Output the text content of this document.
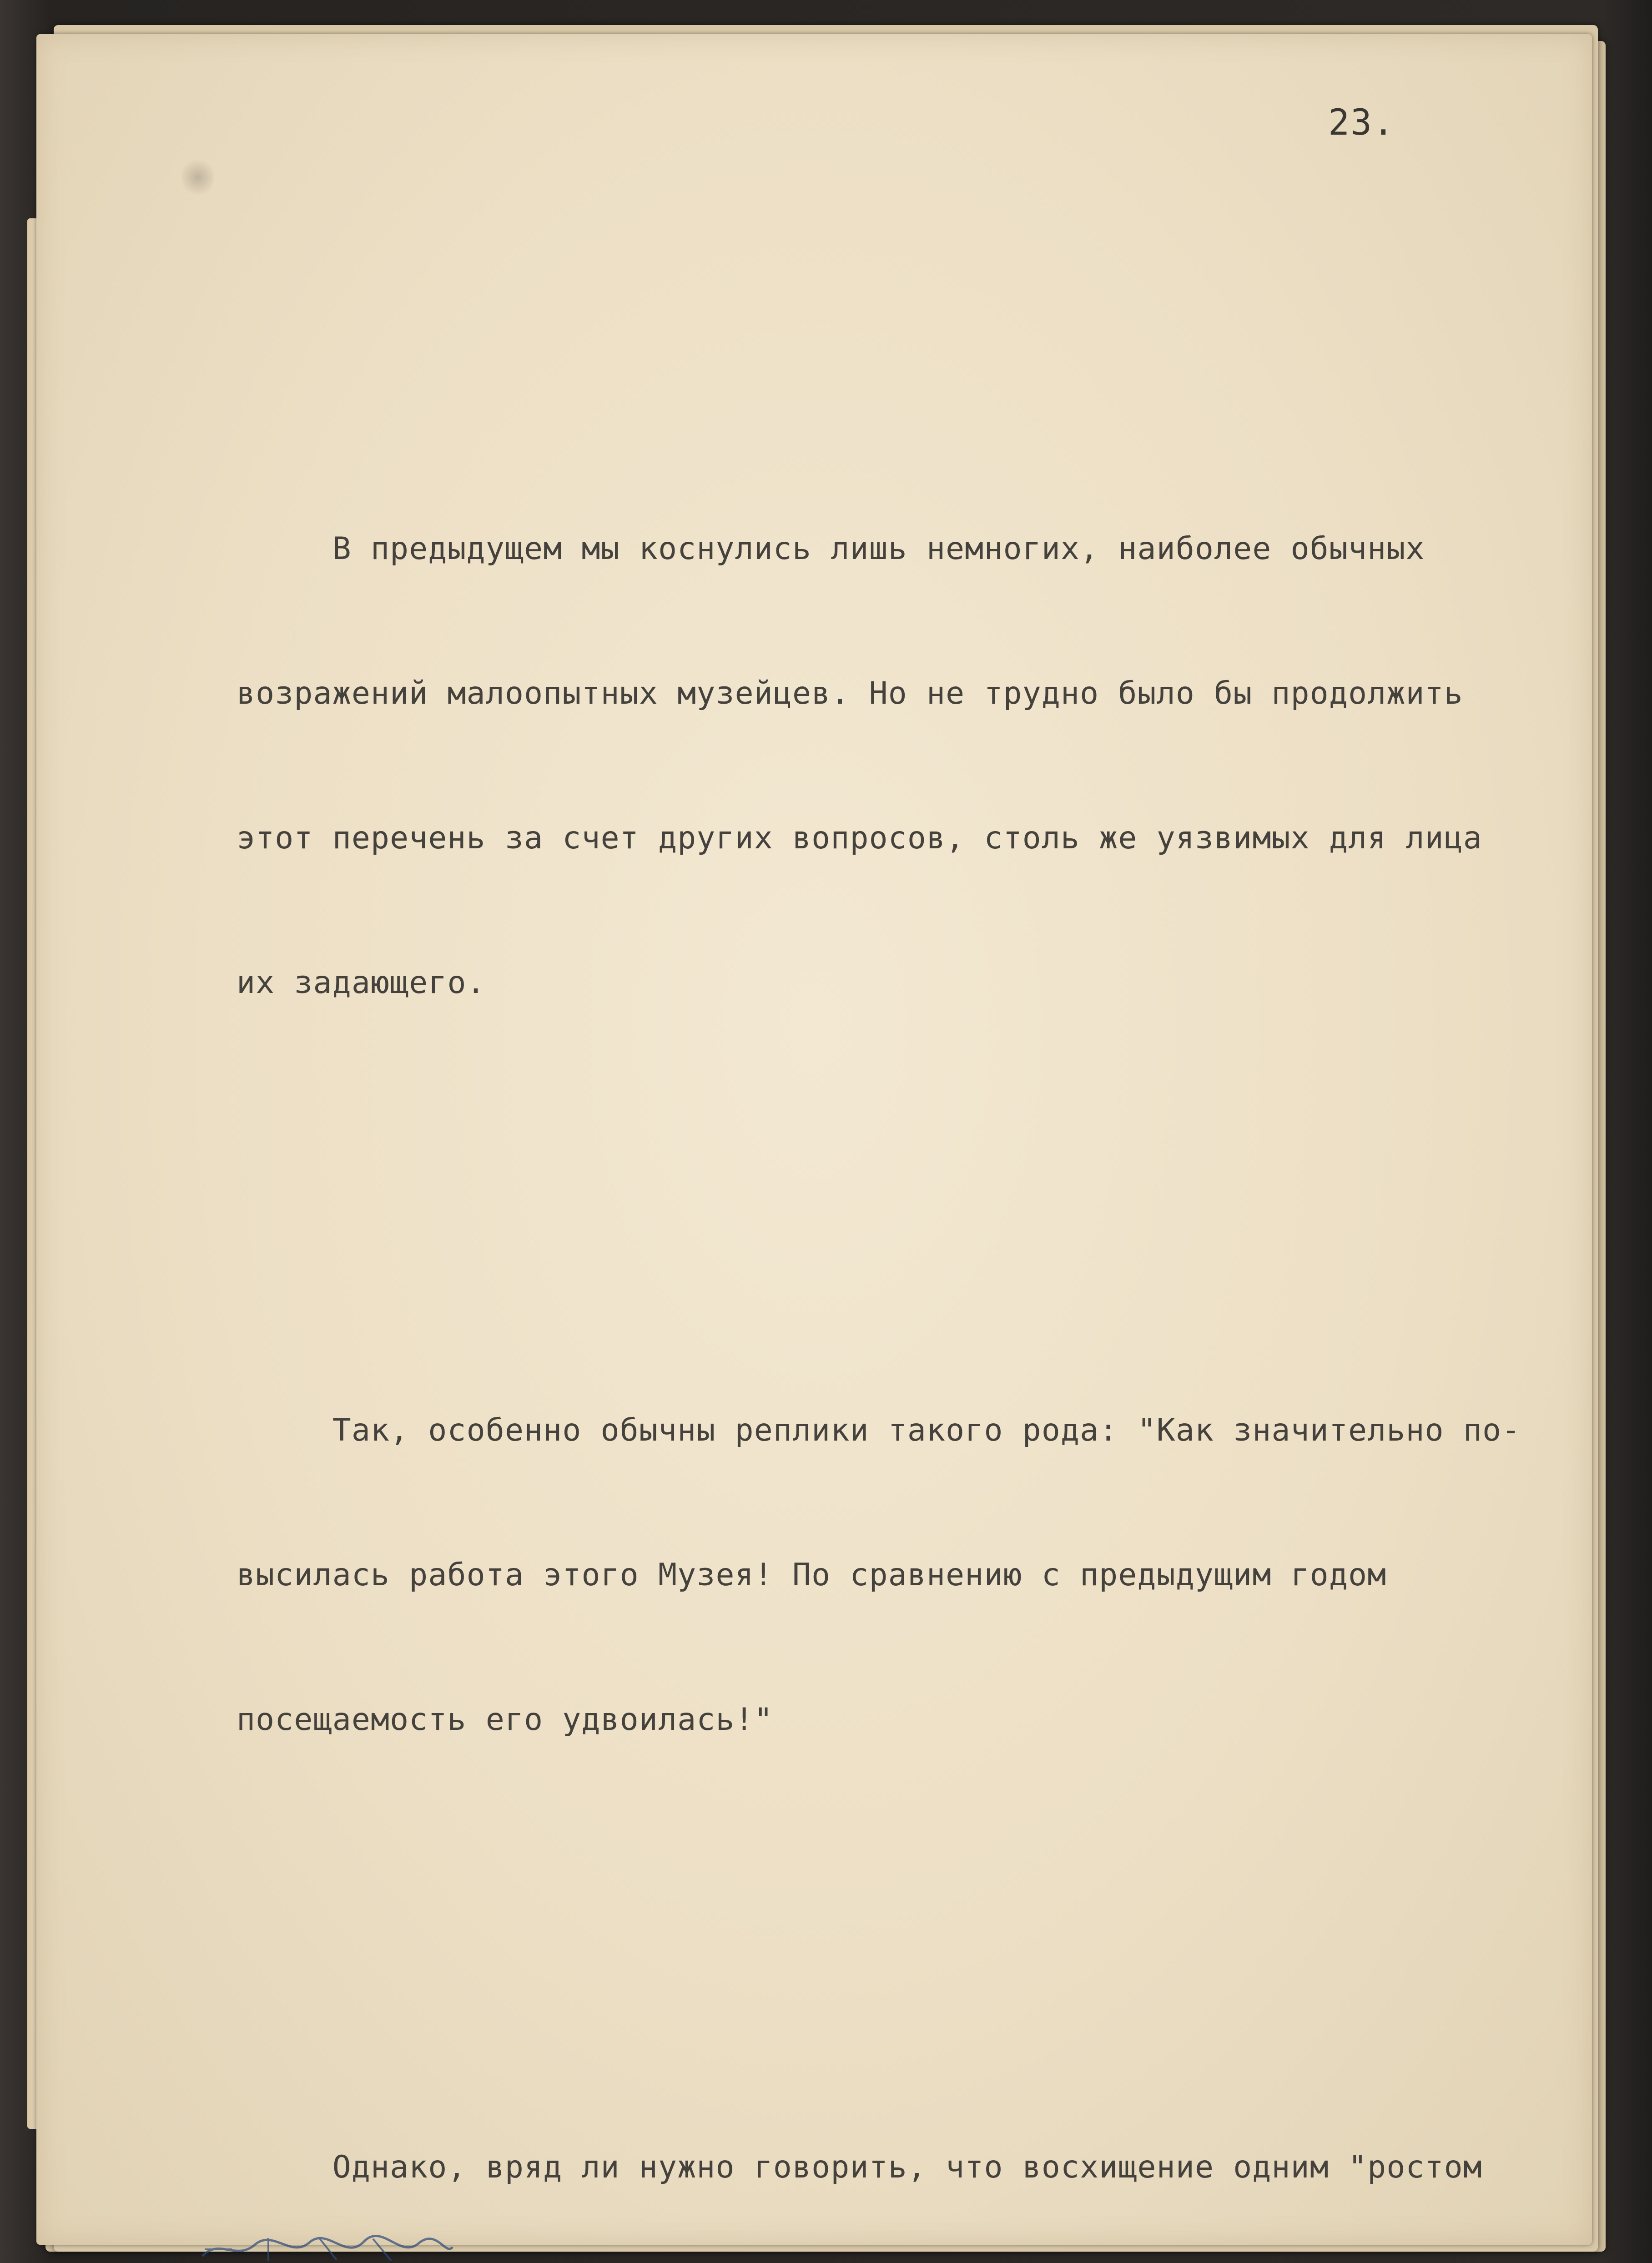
23.

В предыдущем мы коснулись лишь немногих, наиболее обычных

возражений малоопытных музейцев. Но не трудно было бы продолжить

этот перечень за счет других вопросов, столь же уязвимых для лица

их задающего.

Так, особенно обычны реплики такого рода: "Как значительно по-

высилась работа этого Музея! По сравнению с предыдущим годом

посещаемость его удвоилась!"

Однако, вряд ли нужно говорить, что восхищение одним "ростом
